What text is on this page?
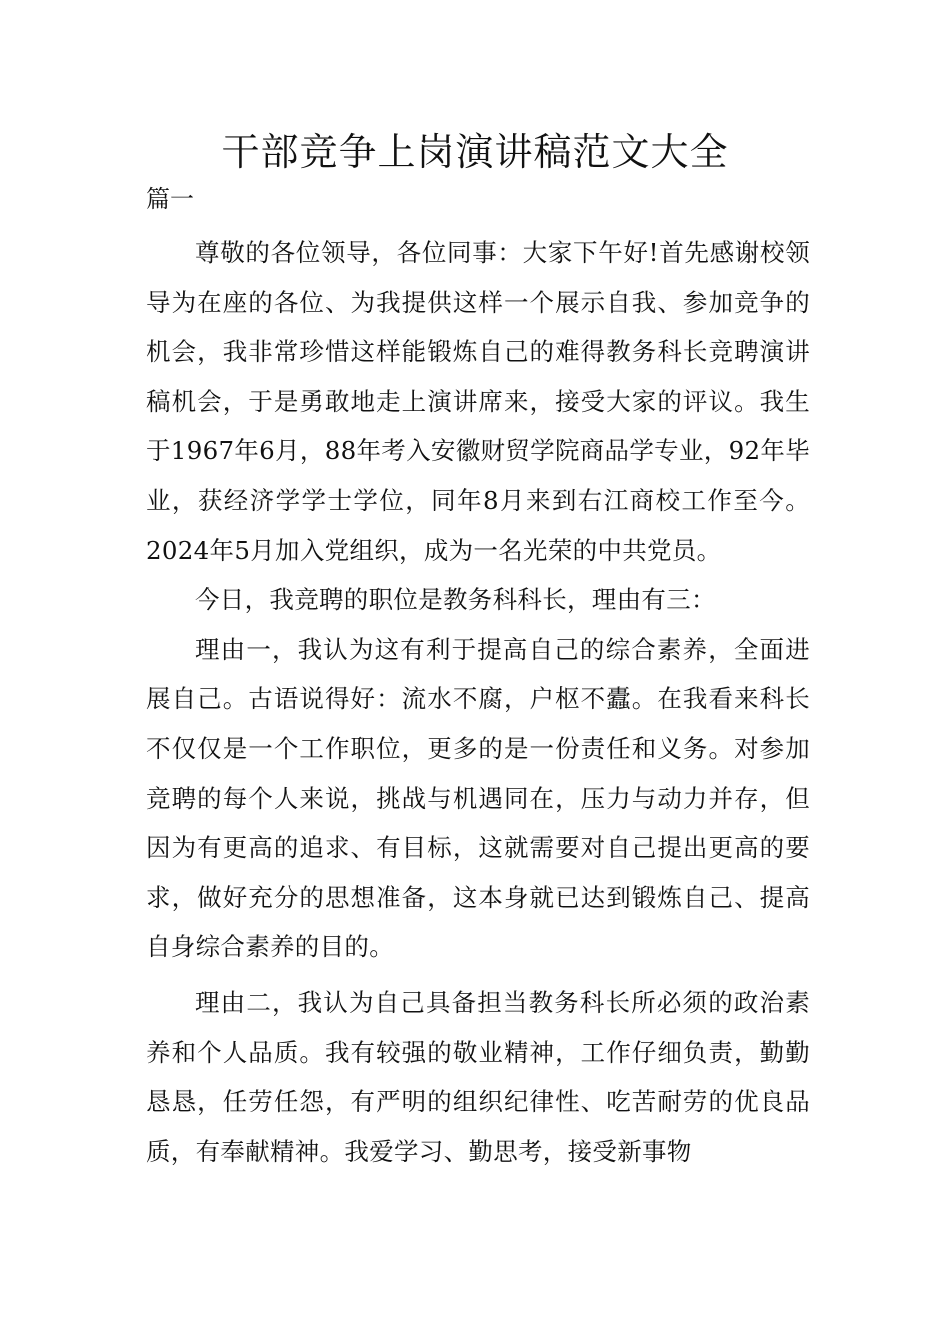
干部竞争上岗演讲稿范文大全
篇一

尊敬的各位领导，各位同事：大家下午好!首先感谢校领导为在座的各位、为我提供这样一个展示自我、参加竞争的机会，我非常珍惜这样能锻炼自己的难得教务科长竞聘演讲稿机会，于是勇敢地走上演讲席来，接受大家的评议。我生于1967年6月，88年考入安徽财贸学院商品学专业，92年毕业，获经济学学士学位，同年8月来到右江商校工作至今。2024年5月加入党组织，成为一名光荣的中共党员。

今日，我竞聘的职位是教务科科长，理由有三：

理由一，我认为这有利于提高自己的综合素养，全面进展自己。古语说得好：流水不腐，户枢不蠹。在我看来科长不仅仅是一个工作职位，更多的是一份责任和义务。对参加竞聘的每个人来说，挑战与机遇同在，压力与动力并存，但因为有更高的追求、有目标，这就需要对自己提出更高的要求，做好充分的思想准备，这本身就已达到锻炼自己、提高自身综合素养的目的。

理由二，我认为自己具备担当教务科长所必须的政治素养和个人品质。我有较强的敬业精神，工作仔细负责，勤勤恳恳，任劳任怨，有严明的组织纪律性、吃苦耐劳的优良品质，有奉献精神。我爱学习、勤思考，接受新事物
